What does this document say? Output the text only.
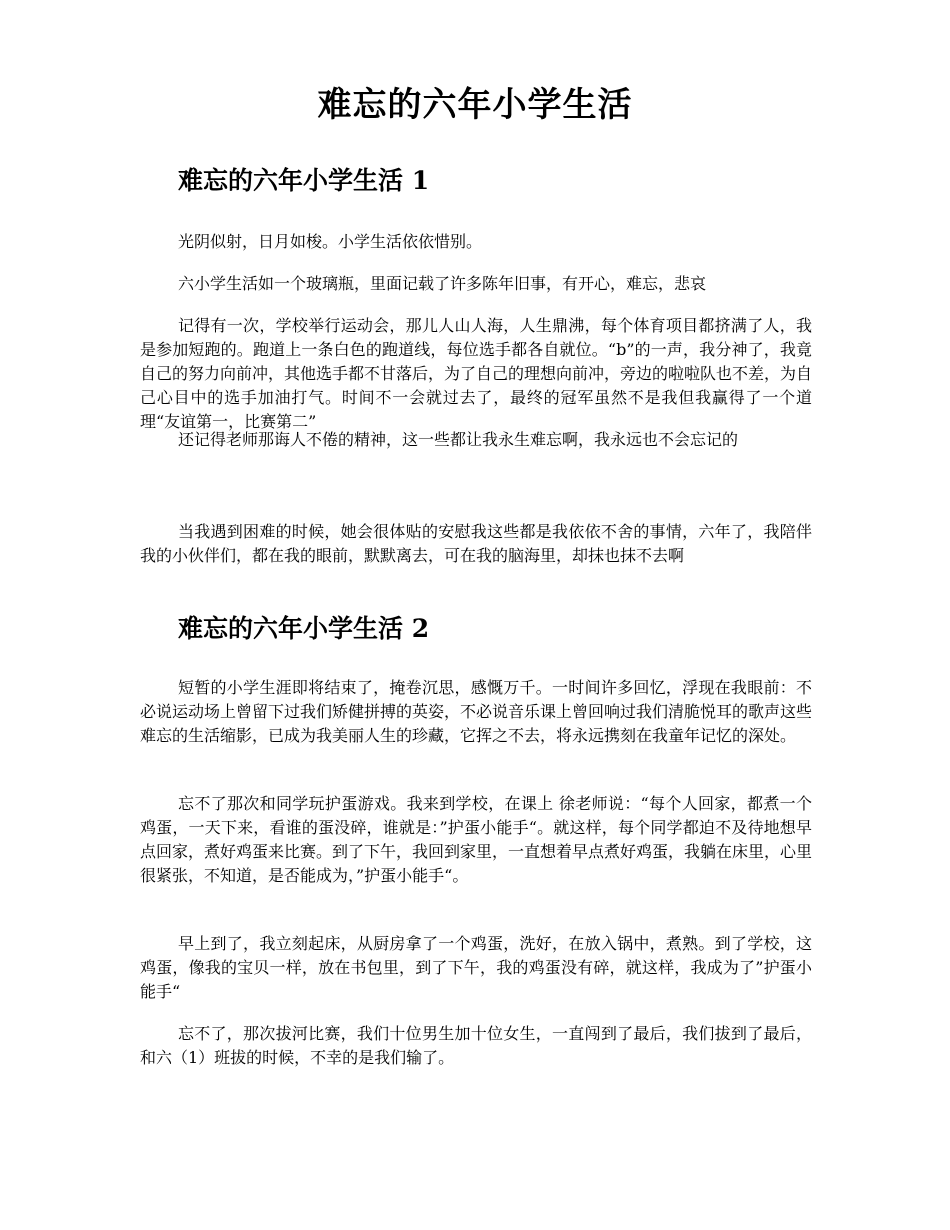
难忘的六年小学生活
难忘的六年小学生活 1

光阴似射，日月如梭。小学生活依依惜别。

六小学生活如一个玻璃瓶，里面记载了许多陈年旧事，有开心，难忘，悲哀

记得有一次，学校举行运动会，那儿人山人海，人生鼎沸，每个体育项目都挤满了人，我是参加短跑的。跑道上一条白色的跑道线，每位选手都各自就位。“b”的一声，我分神了，我竟自己的努力向前冲，其他选手都不甘落后，为了自己的理想向前冲，旁边的啦啦队也不差，为自己心目中的选手加油打气。时间不一会就过去了，最终的冠军虽然不是我但我赢得了一个道理“友谊第一，比赛第二”

还记得老师那诲人不倦的精神，这一些都让我永生难忘啊，我永远也不会忘记的

当我遇到困难的时候，她会很体贴的安慰我这些都是我依依不舍的事情，六年了，我陪伴我的小伙伴们，都在我的眼前，默默离去，可在我的脑海里，却抹也抹不去啊

难忘的六年小学生活 2

短暂的小学生涯即将结束了，掩卷沉思，感慨万千。一时间许多回忆，浮现在我眼前：不必说运动场上曾留下过我们矫健拼搏的英姿，不必说音乐课上曾回响过我们清脆悦耳的歌声这些难忘的生活缩影，已成为我美丽人生的珍藏，它挥之不去，将永远携刻在我童年记忆的深处。

忘不了那次和同学玩护蛋游戏。我来到学校，在课上 徐老师说：“每个人回家，都煮一个鸡蛋，一天下来，看谁的蛋没碎，谁就是：”护蛋小能手“。就这样，每个同学都迫不及待地想早点回家，煮好鸡蛋来比赛。到了下午，我回到家里，一直想着早点煮好鸡蛋，我躺在床里，心里很紧张，不知道，是否能成为，”护蛋小能手“。

早上到了，我立刻起床，从厨房拿了一个鸡蛋，洗好，在放入锅中，煮熟。到了学校，这鸡蛋，像我的宝贝一样，放在书包里，到了下午，我的鸡蛋没有碎，就这样，我成为了”护蛋小能手“

忘不了，那次拔河比赛，我们十位男生加十位女生，一直闯到了最后，我们拔到了最后，和六（1）班拔的时候，不幸的是我们输了。
